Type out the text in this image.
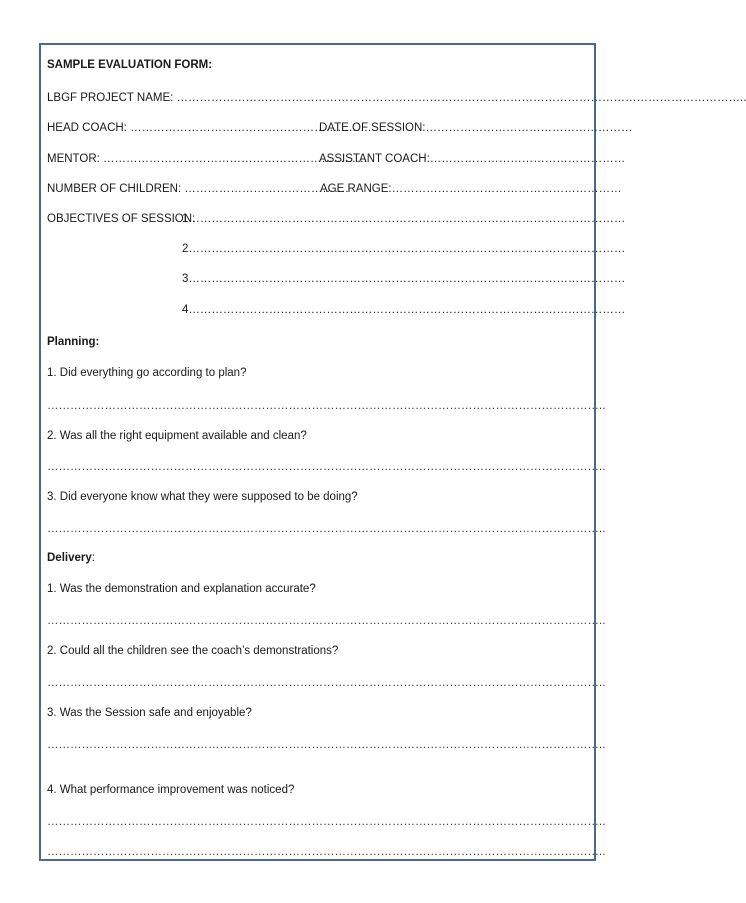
SAMPLE EVALUATION FORM:
LBGF PROJECT NAME: …………………………………………………………………………………………………………………………………..
HEAD COACH: ………………………………………………………
DATE OF SESSION:………………………………………………
MENTOR: ……………………………………………………………
ASSISTANT COACH:……………………………………………
NUMBER OF CHILDREN: …………………………………….
AGE RANGE:……………………………………………………
OBJECTIVES OF SESSION:
1……………………………………………………………………………………………………
2……………………………………………………………………………………………………
3……………………………………………………………………………………………………
4……………………………………………………………………………………………………
Planning:
1. Did everything go according to plan?
………………………………………………………………………………………………………………………………..
2. Was all the right equipment available and clean?
………………………………………………………………………………………………………………………………..
3. Did everyone know what they were supposed to be doing?
………………………………………………………………………………………………………………………………..
Delivery:
1. Was the demonstration and explanation accurate?
………………………………………………………………………………………………………………………………..
2. Could all the children see the coach’s demonstrations?
………………………………………………………………………………………………………………………………..
3. Was the Session safe and enjoyable?
………………………………………………………………………………………………………………………………..
4. What performance improvement was noticed?
………………………………………………………………………………………………………………………………..
………………………………………………………………………………………………………………………………..
